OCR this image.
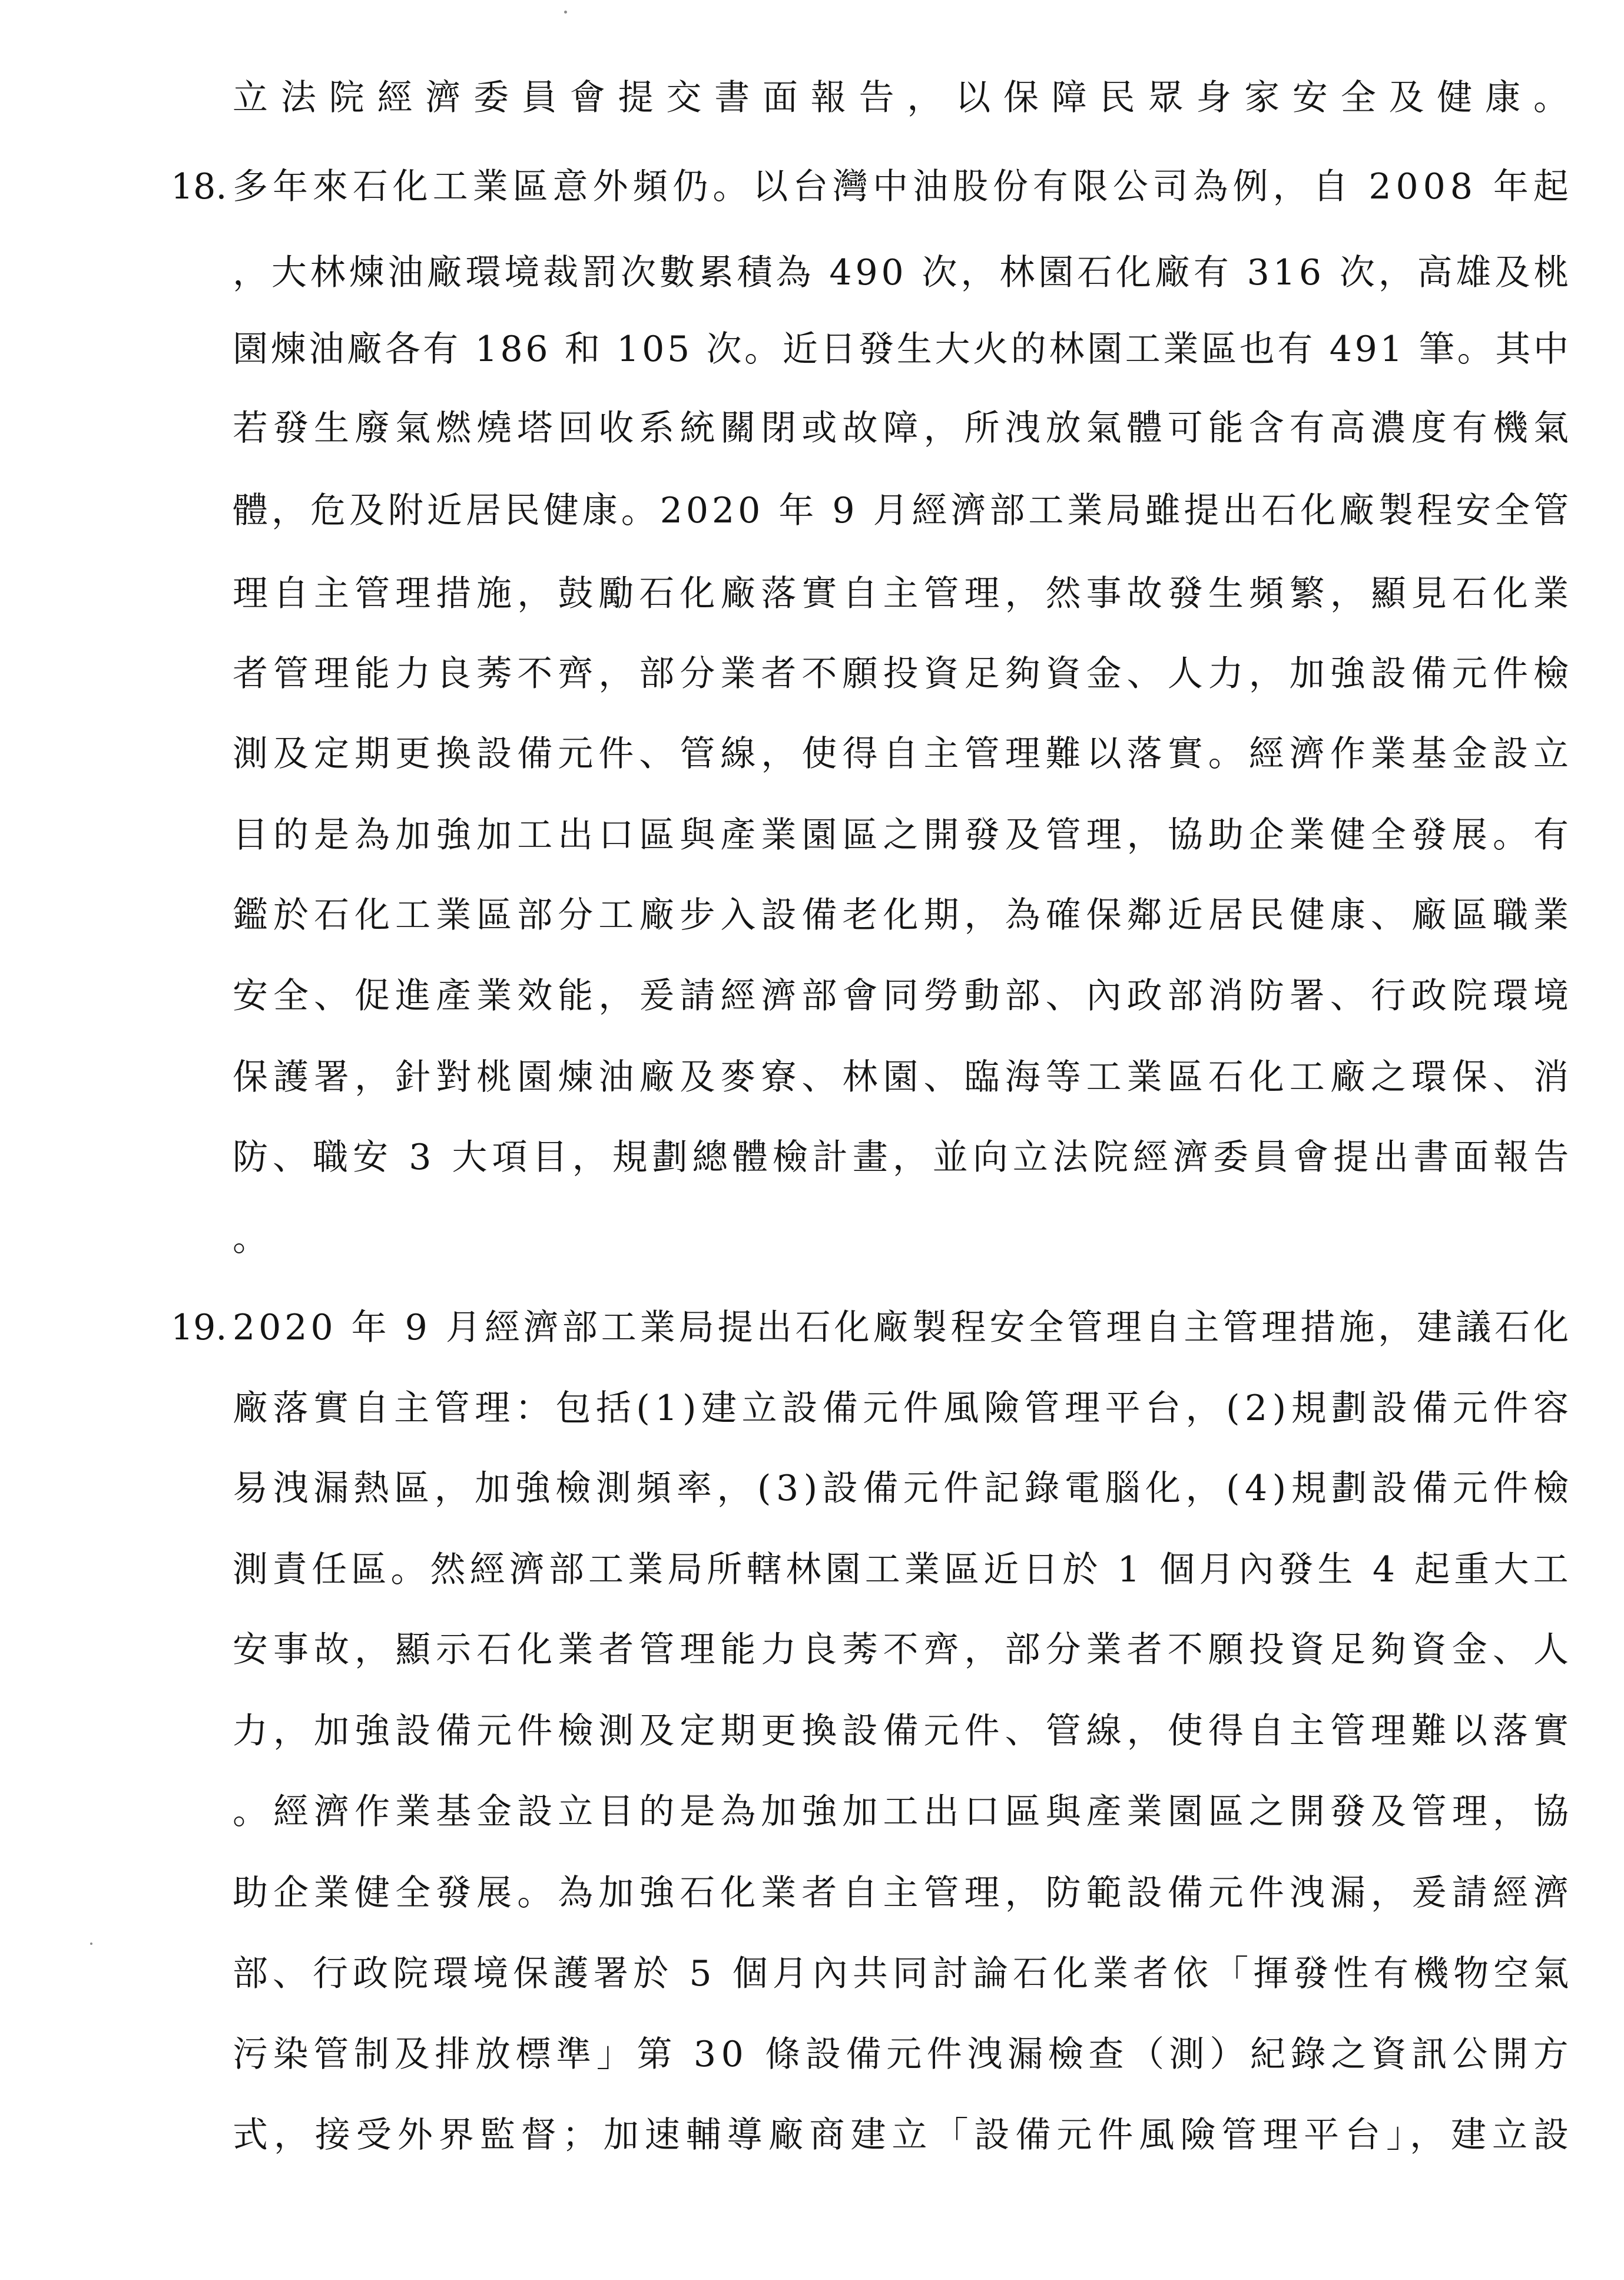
立法院經濟委員會提交書面報告，以保障民眾身家安全及健康。
18. 多年來石化工業區意外頻仍。以台灣中油股份有限公司為例，自 2008 年起
，大林煉油廠環境裁罰次數累積為 490 次，林園石化廠有 316 次，高雄及桃
園煉油廠各有 186 和 105 次。近日發生大火的林園工業區也有 491 筆。其中
若發生廢氣燃燒塔回收系統關閉或故障，所洩放氣體可能含有高濃度有機氣
體，危及附近居民健康。2020 年 9 月經濟部工業局雖提出石化廠製程安全管
理自主管理措施，鼓勵石化廠落實自主管理，然事故發生頻繁，顯見石化業
者管理能力良莠不齊，部分業者不願投資足夠資金、人力，加強設備元件檢
測及定期更換設備元件、管線，使得自主管理難以落實。經濟作業基金設立
目的是為加強加工出口區與產業園區之開發及管理，協助企業健全發展。有
鑑於石化工業區部分工廠步入設備老化期，為確保鄰近居民健康、廠區職業
安全、促進產業效能，爰請經濟部會同勞動部、內政部消防署、行政院環境
保護署，針對桃園煉油廠及麥寮、林園、臨海等工業區石化工廠之環保、消
防、職安 3 大項目，規劃總體檢計畫，並向立法院經濟委員會提出書面報告
。
19. 2020 年 9 月經濟部工業局提出石化廠製程安全管理自主管理措施，建議石化
廠落實自主管理：包括(1)建立設備元件風險管理平台，(2)規劃設備元件容
易洩漏熱區，加強檢測頻率，(3)設備元件記錄電腦化，(4)規劃設備元件檢
測責任區。然經濟部工業局所轄林園工業區近日於 1 個月內發生 4 起重大工
安事故，顯示石化業者管理能力良莠不齊，部分業者不願投資足夠資金、人
力，加強設備元件檢測及定期更換設備元件、管線，使得自主管理難以落實
。經濟作業基金設立目的是為加強加工出口區與產業園區之開發及管理，協
助企業健全發展。為加強石化業者自主管理，防範設備元件洩漏，爰請經濟
部、行政院環境保護署於 5 個月內共同討論石化業者依「揮發性有機物空氣
污染管制及排放標準」第 30 條設備元件洩漏檢查（測）紀錄之資訊公開方
式，接受外界監督；加速輔導廠商建立「設備元件風險管理平台」，建立設
